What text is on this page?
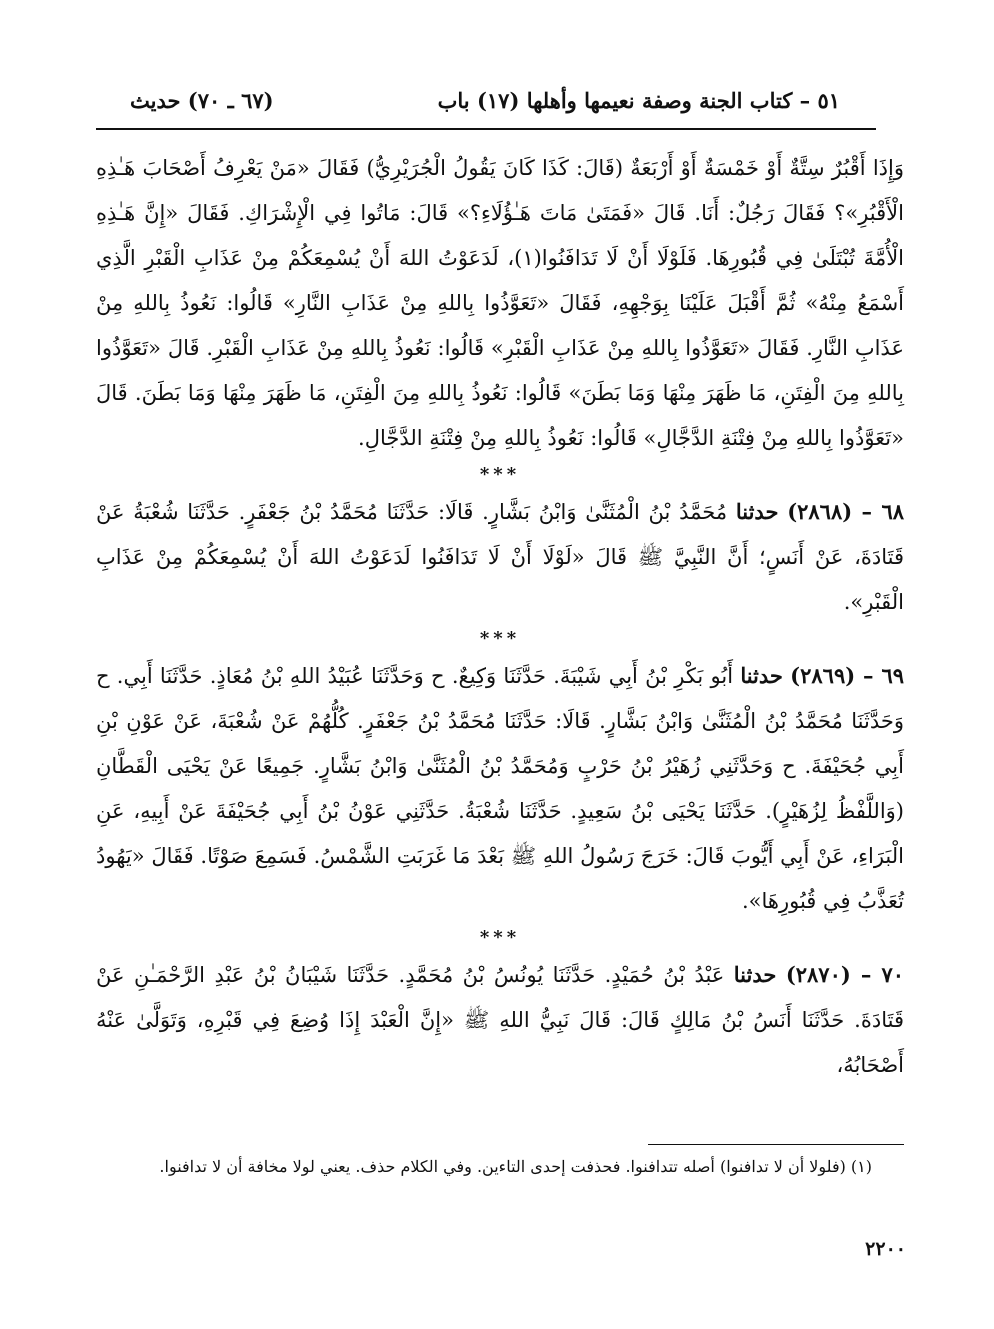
٥١ – كتاب الجنة وصفة نعيمها وأهلها (١٧) باب
(٦٧ ـ ٧٠) حديث

وَإِذَا أَقْبُرٌ سِتَّةٌ أَوْ خَمْسَةٌ أَوْ أَرْبَعَةٌ (قَالَ: كَذَا كَانَ يَقُولُ الْجُرَيْرِيُّ) فَقَالَ «مَنْ يَعْرِفُ أَصْحَابَ هَـٰذِهِ الْأَقْبُرِ»؟ فَقَالَ رَجُلٌ: أَنَا. قَالَ «فَمَتَىٰ مَاتَ هَـٰؤُلَاءِ؟» قَالَ: مَاتُوا فِي الْإِشْرَاكِ. فَقَالَ «إِنَّ هَـٰذِهِ الْأُمَّةَ تُبْتَلَىٰ فِي قُبُورِهَا. فَلَوْلَا أَنْ لَا تَدَافَنُوا(١)، لَدَعَوْتُ اللهَ أَنْ يُسْمِعَكُمْ مِنْ عَذَابِ الْقَبْرِ الَّذِي أَسْمَعُ مِنْهُ» ثُمَّ أَقْبَلَ عَلَيْنَا بِوَجْهِهِ، فَقَالَ «تَعَوَّذُوا بِاللهِ مِنْ عَذَابِ النَّارِ» قَالُوا: نَعُوذُ بِاللهِ مِنْ عَذَابِ النَّارِ. فَقَالَ «تَعَوَّذُوا بِاللهِ مِنْ عَذَابِ الْقَبْرِ» قَالُوا: نَعُوذُ بِاللهِ مِنْ عَذَابِ الْقَبْرِ. قَالَ «تَعَوَّذُوا بِاللهِ مِنَ الْفِتَنِ، مَا ظَهَرَ مِنْهَا وَمَا بَطَنَ» قَالُوا: نَعُوذُ بِاللهِ مِنَ الْفِتَنِ، مَا ظَهَرَ مِنْهَا وَمَا بَطَنَ. قَالَ «تَعَوَّذُوا بِاللهِ مِنْ فِتْنَةِ الدَّجَّالِ» قَالُوا: نَعُوذُ بِاللهِ مِنْ فِتْنَةِ الدَّجَّالِ.

***

٦٨ – (٢٨٦٨) حدثنا مُحَمَّدُ بْنُ الْمُثَنَّىٰ وَابْنُ بَشَّارٍ. قَالَا: حَدَّثَنَا مُحَمَّدُ بْنُ جَعْفَرٍ. حَدَّثَنَا شُعْبَةُ عَنْ قَتَادَةَ، عَنْ أَنَسٍ؛ أَنَّ النَّبِيَّ ﷺ قَالَ «لَوْلَا أَنْ لَا تَدَافَنُوا لَدَعَوْتُ اللهَ أَنْ يُسْمِعَكُمْ مِنْ عَذَابِ الْقَبْرِ».

***

٦٩ – (٢٨٦٩) حدثنا أَبُو بَكْرِ بْنُ أَبِي شَيْبَةَ. حَدَّثَنَا وَكِيعٌ. ح وَحَدَّثَنَا عُبَيْدُ اللهِ بْنُ مُعَاذٍ. حَدَّثَنَا أَبِي. ح وَحَدَّثَنَا مُحَمَّدُ بْنُ الْمُثَنَّىٰ وَابْنُ بَشَّارٍ. قَالَا: حَدَّثَنَا مُحَمَّدُ بْنُ جَعْفَرٍ. كُلُّهُمْ عَنْ شُعْبَةَ، عَنْ عَوْنِ بْنِ أَبِي جُحَيْفَةَ. ح وَحَدَّثَنِي زُهَيْرُ بْنُ حَرْبٍ وَمُحَمَّدُ بْنُ الْمُثَنَّىٰ وَابْنُ بَشَّارٍ. جَمِيعًا عَنْ يَحْيَى الْقَطَّانِ (وَاللَّفْظُ لِزُهَيْرٍ). حَدَّثَنَا يَحْيَى بْنُ سَعِيدٍ. حَدَّثَنَا شُعْبَةُ. حَدَّثَنِي عَوْنُ بْنُ أَبِي جُحَيْفَةَ عَنْ أَبِيهِ، عَنِ الْبَرَاءِ، عَنْ أَبِي أَيُّوبَ قَالَ: خَرَجَ رَسُولُ اللهِ ﷺ بَعْدَ مَا غَرَبَتِ الشَّمْسُ. فَسَمِعَ صَوْتًا. فَقَالَ «يَهُودُ تُعَذَّبُ فِي قُبُورِهَا».

***

٧٠ – (٢٨٧٠) حدثنا عَبْدُ بْنُ حُمَيْدٍ. حَدَّثَنَا يُونُسُ بْنُ مُحَمَّدٍ. حَدَّثَنَا شَيْبَانُ بْنُ عَبْدِ الرَّحْمَـٰنِ عَنْ قَتَادَةَ. حَدَّثَنَا أَنَسُ بْنُ مَالِكٍ قَالَ: قَالَ نَبِيُّ اللهِ ﷺ «إِنَّ الْعَبْدَ إِذَا وُضِعَ فِي قَبْرِهِ، وَتَوَلَّىٰ عَنْهُ أَصْحَابُهُ،

(١) (فلولا أن لا تدافنوا) أصله تتدافنوا. فحذفت إحدى التاءين. وفي الكلام حذف. يعني لولا مخافة أن لا تدافنوا.
٢٢٠٠
